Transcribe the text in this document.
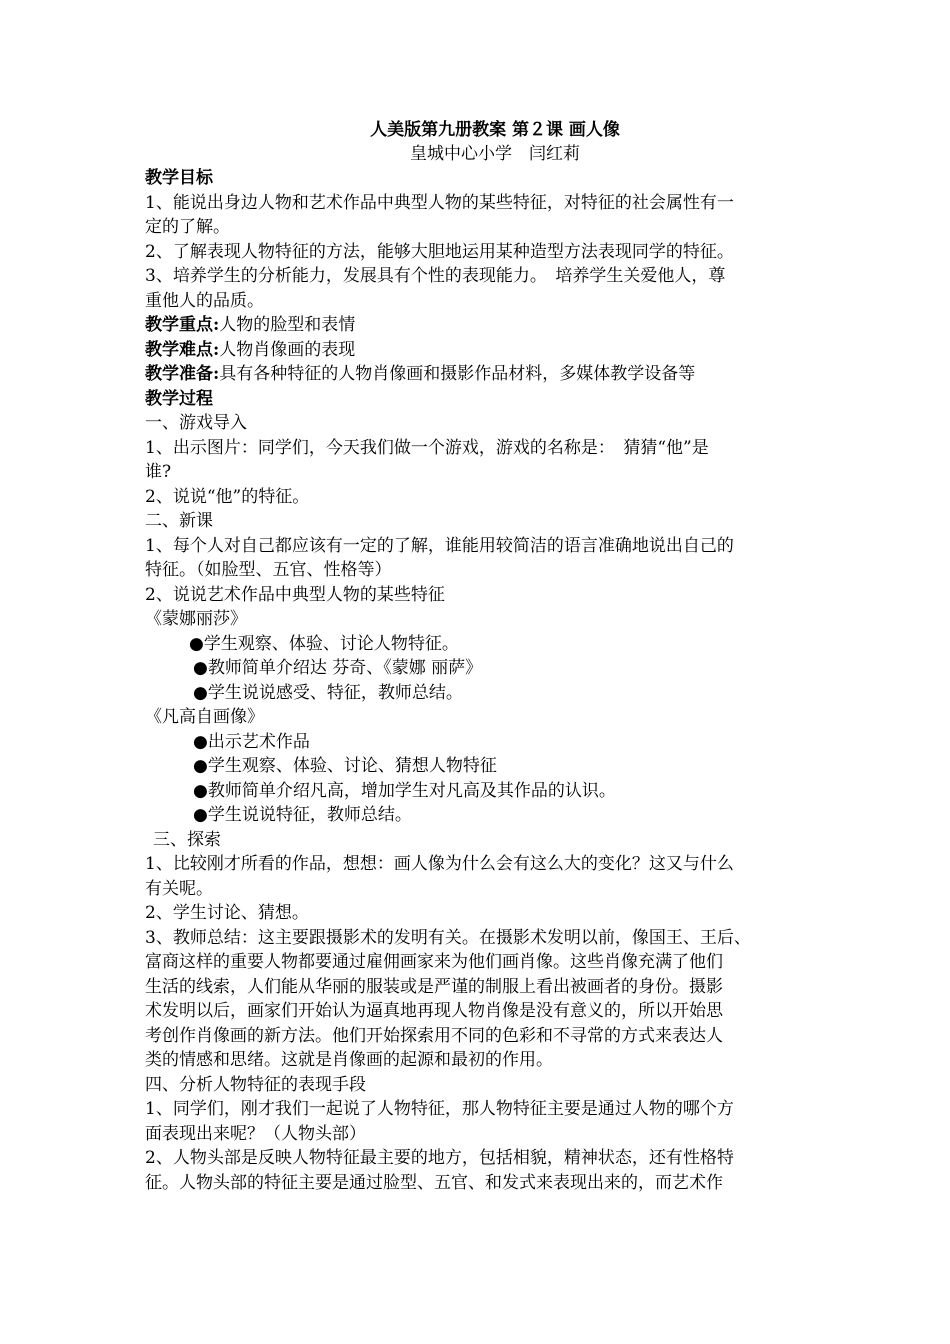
人美版第九册教案 第２课 画人像

皇城中心小学　闫红莉

教学目标

1、能说出身边人物和艺术作品中典型人物的某些特征，对特征的社会属性有一

定的了解。

2、了解表现人物特征的方法，能够大胆地运用某种造型方法表现同学的特征。

3、培养学生的分析能力，发展具有个性的表现能力。　培养学生关爱他人，尊

重他人的品质。

教学重点:人物的脸型和表情

教学难点:人物肖像画的表现

教学准备:具有各种特征的人物肖像画和摄影作品材料，多媒体教学设备等

教学过程

一、游戏导入

1、出示图片：同学们，今天我们做一个游戏，游戏的名称是：　猜猜“他”是

谁?

2、说说“他”的特征。

二、新课

1、每个人对自己都应该有一定的了解，谁能用较简洁的语言准确地说出自己的

特征。（如脸型、五官、性格等）

2、说说艺术作品中典型人物的某些特征

《蒙娜丽莎》

●学生观察、体验、讨论人物特征。

●教师简单介绍达 芬奇、《蒙娜 丽萨》

●学生说说感受、特征，教师总结。

《凡高自画像》

●出示艺术作品

●学生观察、体验、讨论、猜想人物特征

●教师简单介绍凡高，增加学生对凡高及其作品的认识。

●学生说说特征，教师总结。

三、探索

1、比较刚才所看的作品，想想：画人像为什么会有这么大的变化？这又与什么

有关呢。

2、学生讨论、猜想。

3、教师总结：这主要跟摄影术的发明有关。在摄影术发明以前，像国王、王后、

富商这样的重要人物都要通过雇佣画家来为他们画肖像。这些肖像充满了他们

生活的线索，人们能从华丽的服装或是严谨的制服上看出被画者的身份。摄影

术发明以后，画家们开始认为逼真地再现人物肖像是没有意义的，所以开始思

考创作肖像画的新方法。他们开始探索用不同的色彩和不寻常的方式来表达人

类的情感和思绪。这就是肖像画的起源和最初的作用。

四、分析人物特征的表现手段

1、同学们，刚才我们一起说了人物特征，那人物特征主要是通过人物的哪个方

面表现出来呢？（人物头部）

2、人物头部是反映人物特征最主要的地方，包括相貌，精神状态，还有性格特

征。人物头部的特征主要是通过脸型、五官、和发式来表现出来的，而艺术作
